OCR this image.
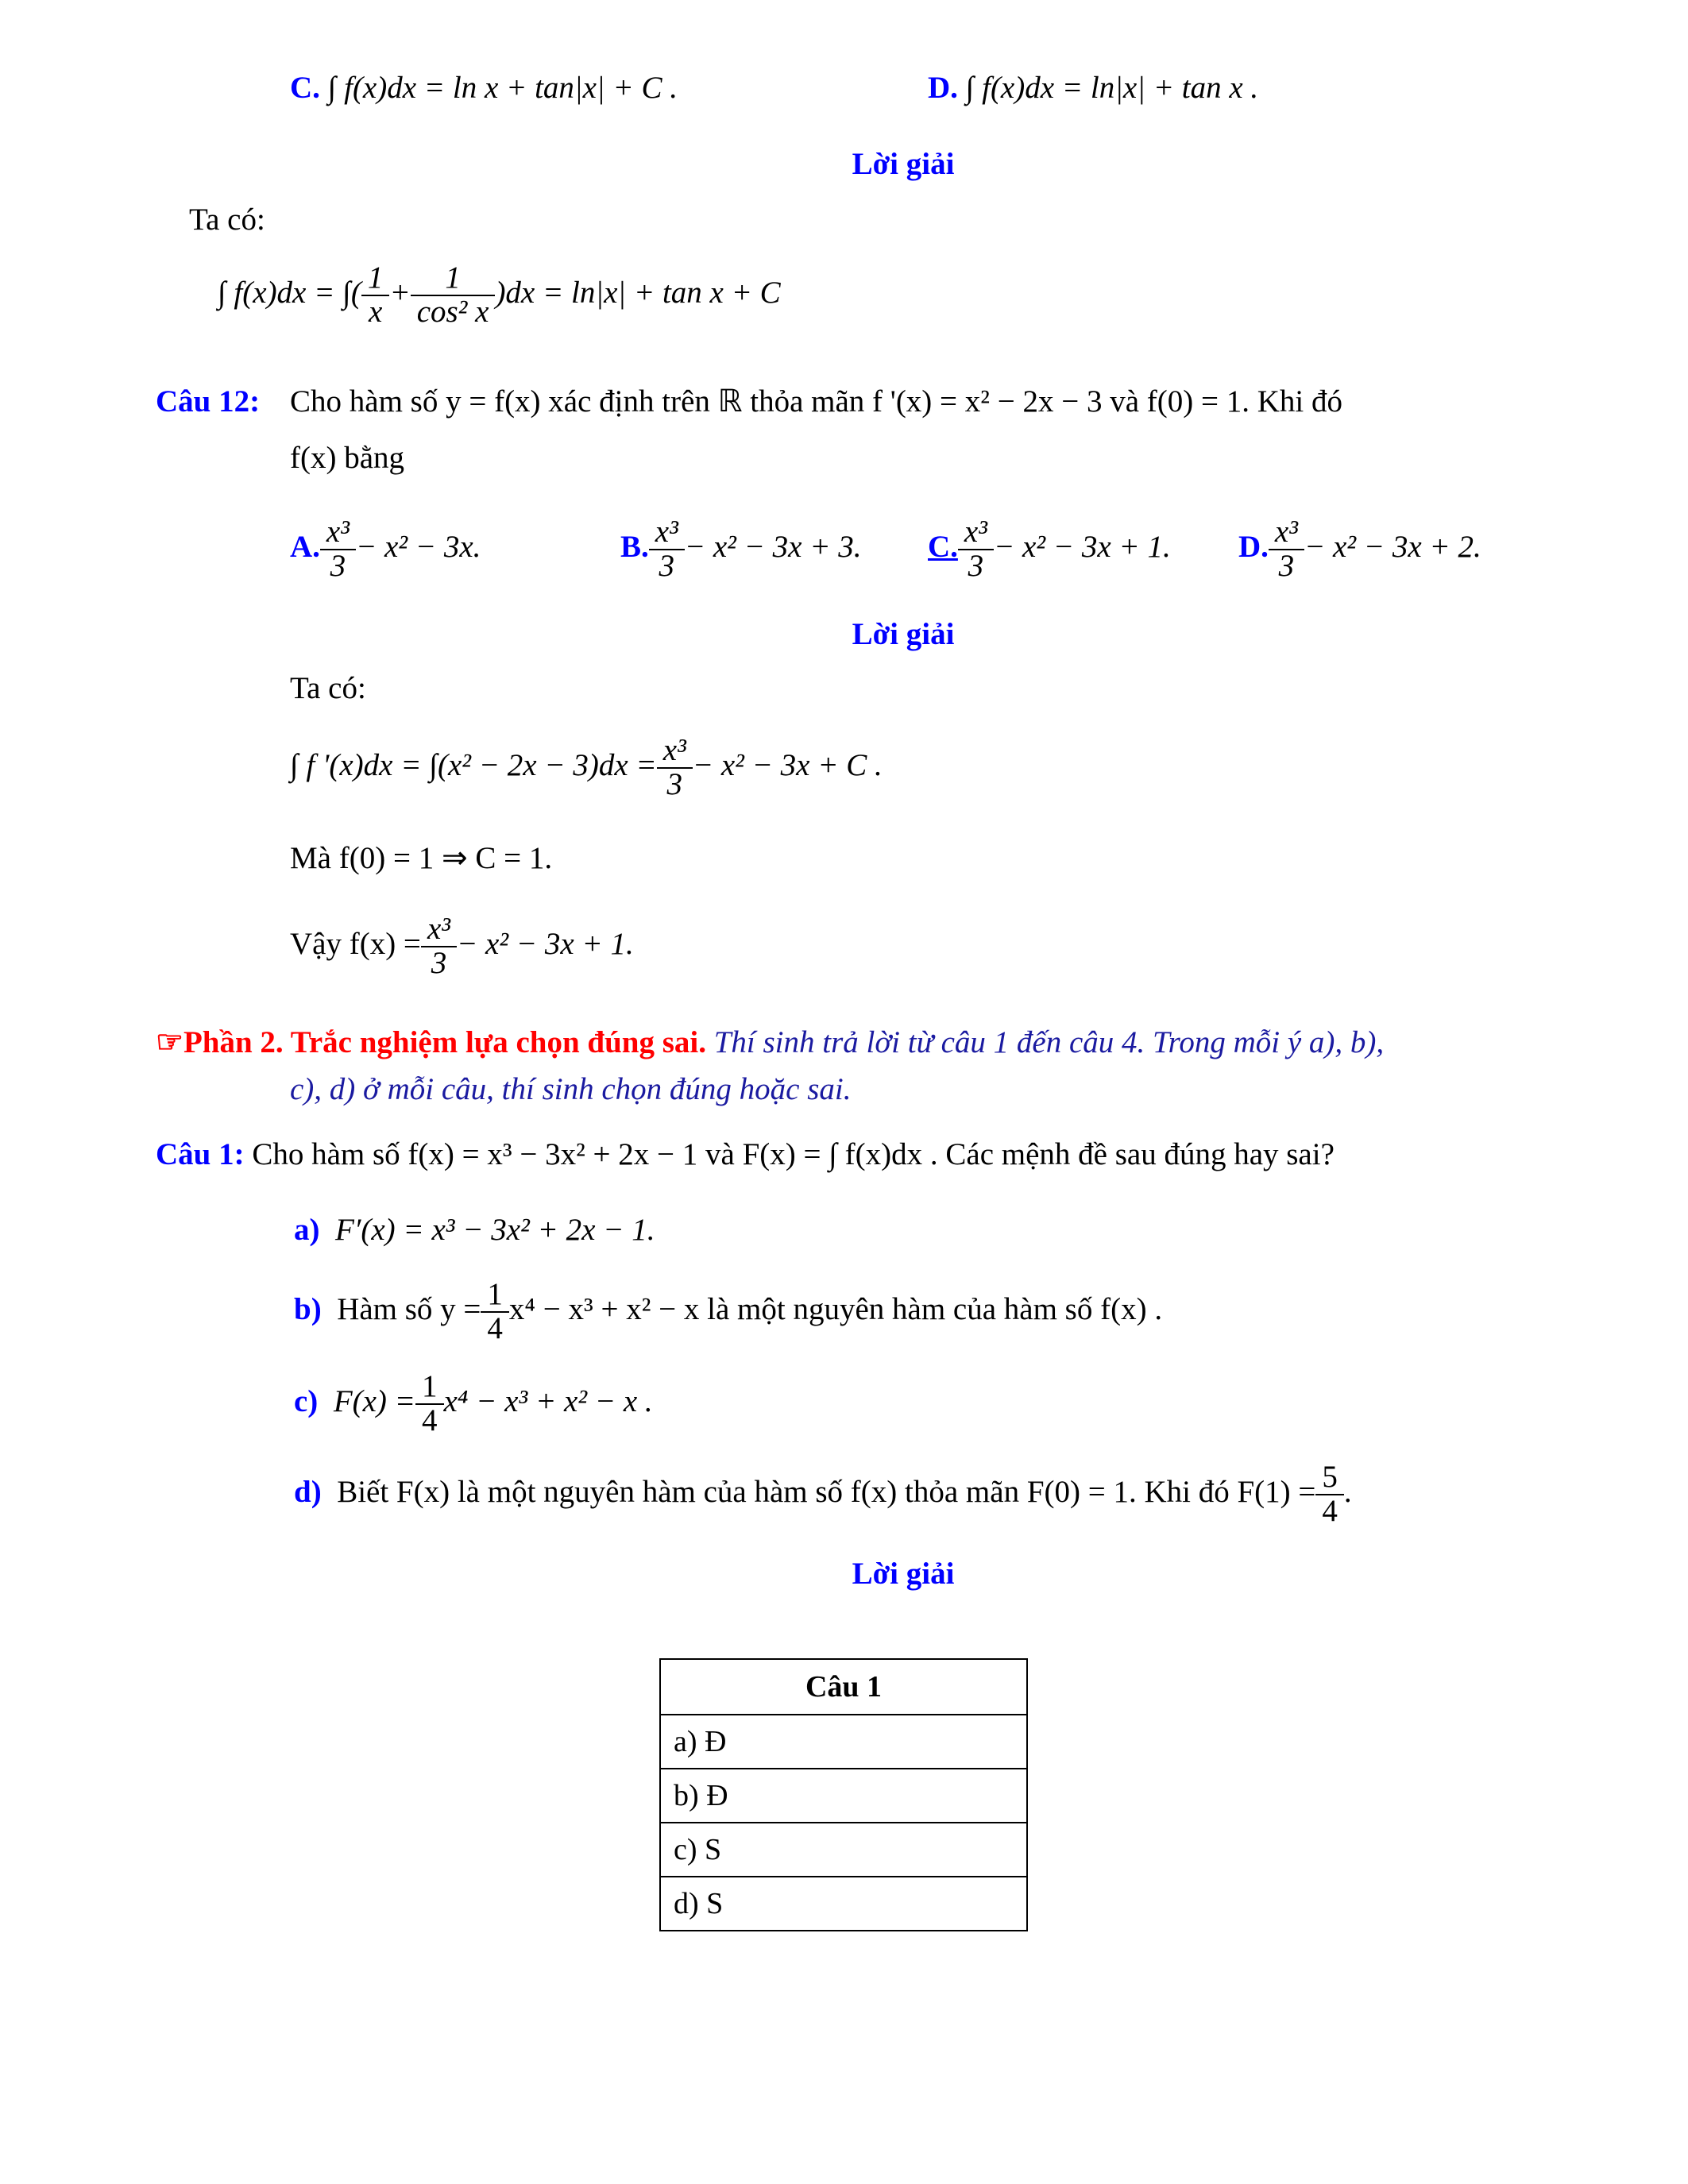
C. ∫ f(x)dx = ln x + tan|x| + C .	D. ∫ f(x)dx = ln|x| + tan x .
Lời giải
Ta có:
∫ f(x)dx = ∫( $\frac{1}{x} + \frac{1}{\text{cos² x}} )dx = \ln|x| + \tan x + C$
Câu 12: Cho hàm số y = f(x) xác định trên ℝ thỏa mãn f '(x) = x² − 2x − 3 và f(0) = 1. Khi đó
f(x) bằng
A. $\frac{\text{x³}}{3} - x^2 - 3x$.	B. $\frac{\text{x³}}{3} - x^2 - 3x + 3$. C. $\frac{\text{x³}}{3} - x^2 - 3x + 1$. D. $\frac{\text{x³}}{3} - x^2 - 3x + 2$.
Lời giải
Ta có:
∫ f '$(x)dx = \int(x^2 - 2x - 3)dx = \frac{\text{x³}}{3} - x^2 - 3x + C$ .
Mà f(0) = 1 ⇒ C = 1.
Vậy $f(x) = \frac{\text{x³}}{3} - x^2 - 3x + 1$.
☞Phần 2. Trắc nghiệm lựa chọn đúng sai. Thí sinh trả lời từ câu 1 đến câu 4. Trong mỗi ý a), b),
c), d) ở mỗi câu, thí sinh chọn đúng hoặc sai.
Câu 1: Cho hàm số f(x) = x³ − 3x² + 2x − 1 và F(x) = ∫ f(x)dx . Các mệnh đề sau đúng hay sai?
a) F′(x) = x³ − 3x² + 2x − 1.
b) Hàm số $y = \frac{1}{4} x^4 - x^3 + x^2 - x$ là một nguyên hàm của hàm số f(x) .
c) $F(x) = \frac{1}{4} x^4 - x^3 + x^2 - x$ .
d) Biết F(x) là một nguyên hàm của hàm số f(x) thỏa mãn F(0) = 1. Khi đó $F(1) = \frac{5}{4}$ .
Lời giải
Câu 1
a) Đ
b) Đ
c) S
d) S
